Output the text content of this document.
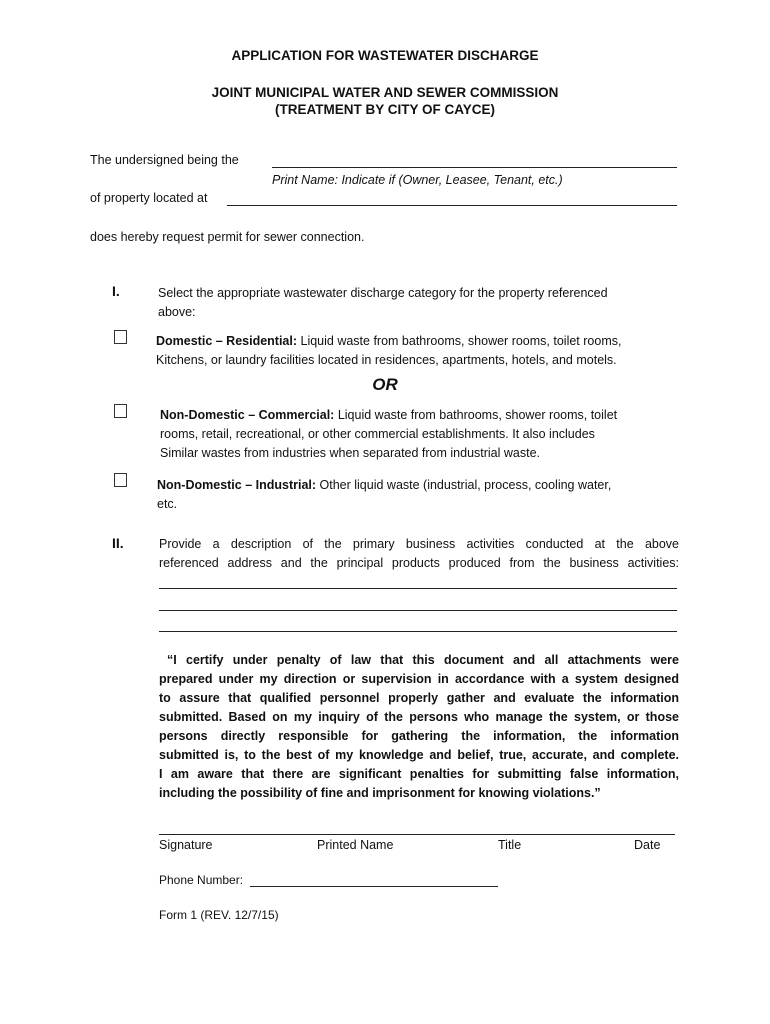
APPLICATION FOR WASTEWATER DISCHARGE
JOINT MUNICIPAL WATER AND SEWER COMMISSION
(TREATMENT BY CITY OF CAYCE)
The undersigned being the
Print Name: Indicate if (Owner, Leasee, Tenant, etc.)
of property located at
does hereby request permit for sewer connection.
I.	Select the appropriate wastewater discharge category for the property referenced
above:
Domestic – Residential: Liquid waste from bathrooms, shower rooms, toilet rooms,
Kitchens, or laundry facilities located in residences, apartments, hotels, and motels.
OR
Non-Domestic – Commercial: Liquid waste from bathrooms, shower rooms, toilet
rooms, retail, recreational, or other commercial establishments. It also includes
Similar wastes from industries when separated from industrial waste.
Non-Domestic – Industrial: Other liquid waste (industrial, process, cooling water,
etc.
II.	Provide a description of the primary business activities conducted at the above
referenced address and the principal products produced from the business activities:
“I certify under penalty of law that this document and all attachments were
prepared under my direction or supervision in accordance with a system designed
to assure that qualified personnel properly gather and evaluate the information
submitted. Based on my inquiry of the persons who manage the system, or those
persons directly responsible for gathering the information, the information
submitted is, to the best of my knowledge and belief, true, accurate, and complete.
I am aware that there are significant penalties for submitting false information,
including the possibility of fine and imprisonment for knowing violations.”
Signature	Printed Name	Title	Date
Phone Number:
Form 1 (REV. 12/7/15)
